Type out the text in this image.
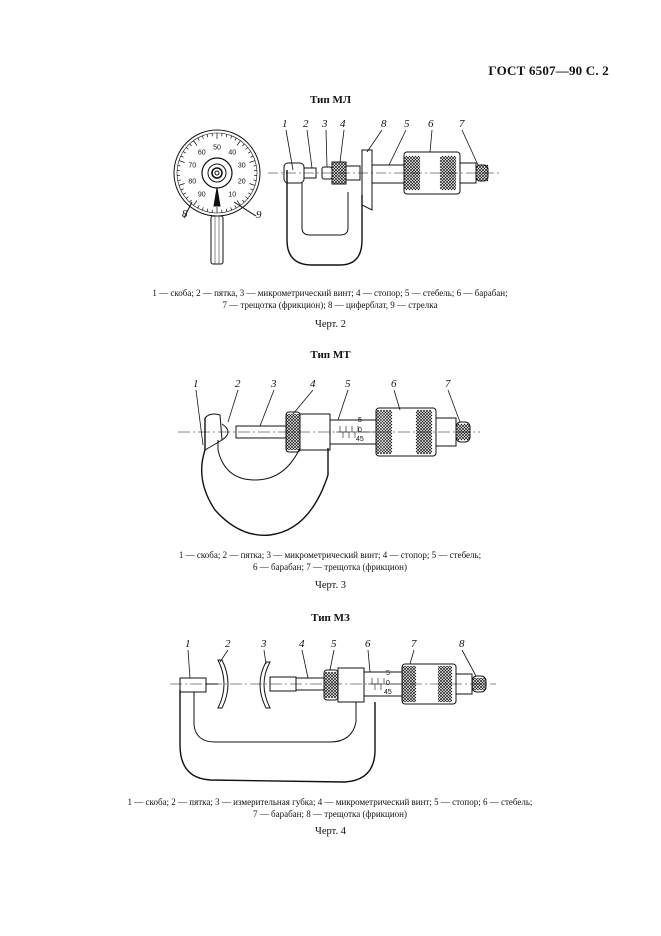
ГОСТ 6507—90 С. 2
Тип МЛ
8	9
1 2 3 4	8 5 6 7
50
40
30
20
10
90
80
70
60
1 — скоба; 2 — пятка, 3 — микрометрический винт; 4 — стопор; 5 — стебель; 6 — барабан;
7 — трещотка (фрикцион); 8 — циферблат, 9 — стрелка
Черт. 2
Тип МТ
5
0
45
1	2	3	4	5	6	7
1 — скоба; 2 — пятка; 3 — микрометрический винт; 4 — стопор; 5 — стебель;
6 — барабан; 7 — трещотка (фрикцион)
Черт. 3
Тип МЗ
5
0
45
1	2	3	4 5	6	7	8
1 — скоба; 2 — пятка; 3 — измерительная губка; 4 — микрометрический винт; 5 — стопор; 6 — стебель;
7 — барабан; 8 — трещотка (фрикцион)
Черт. 4
